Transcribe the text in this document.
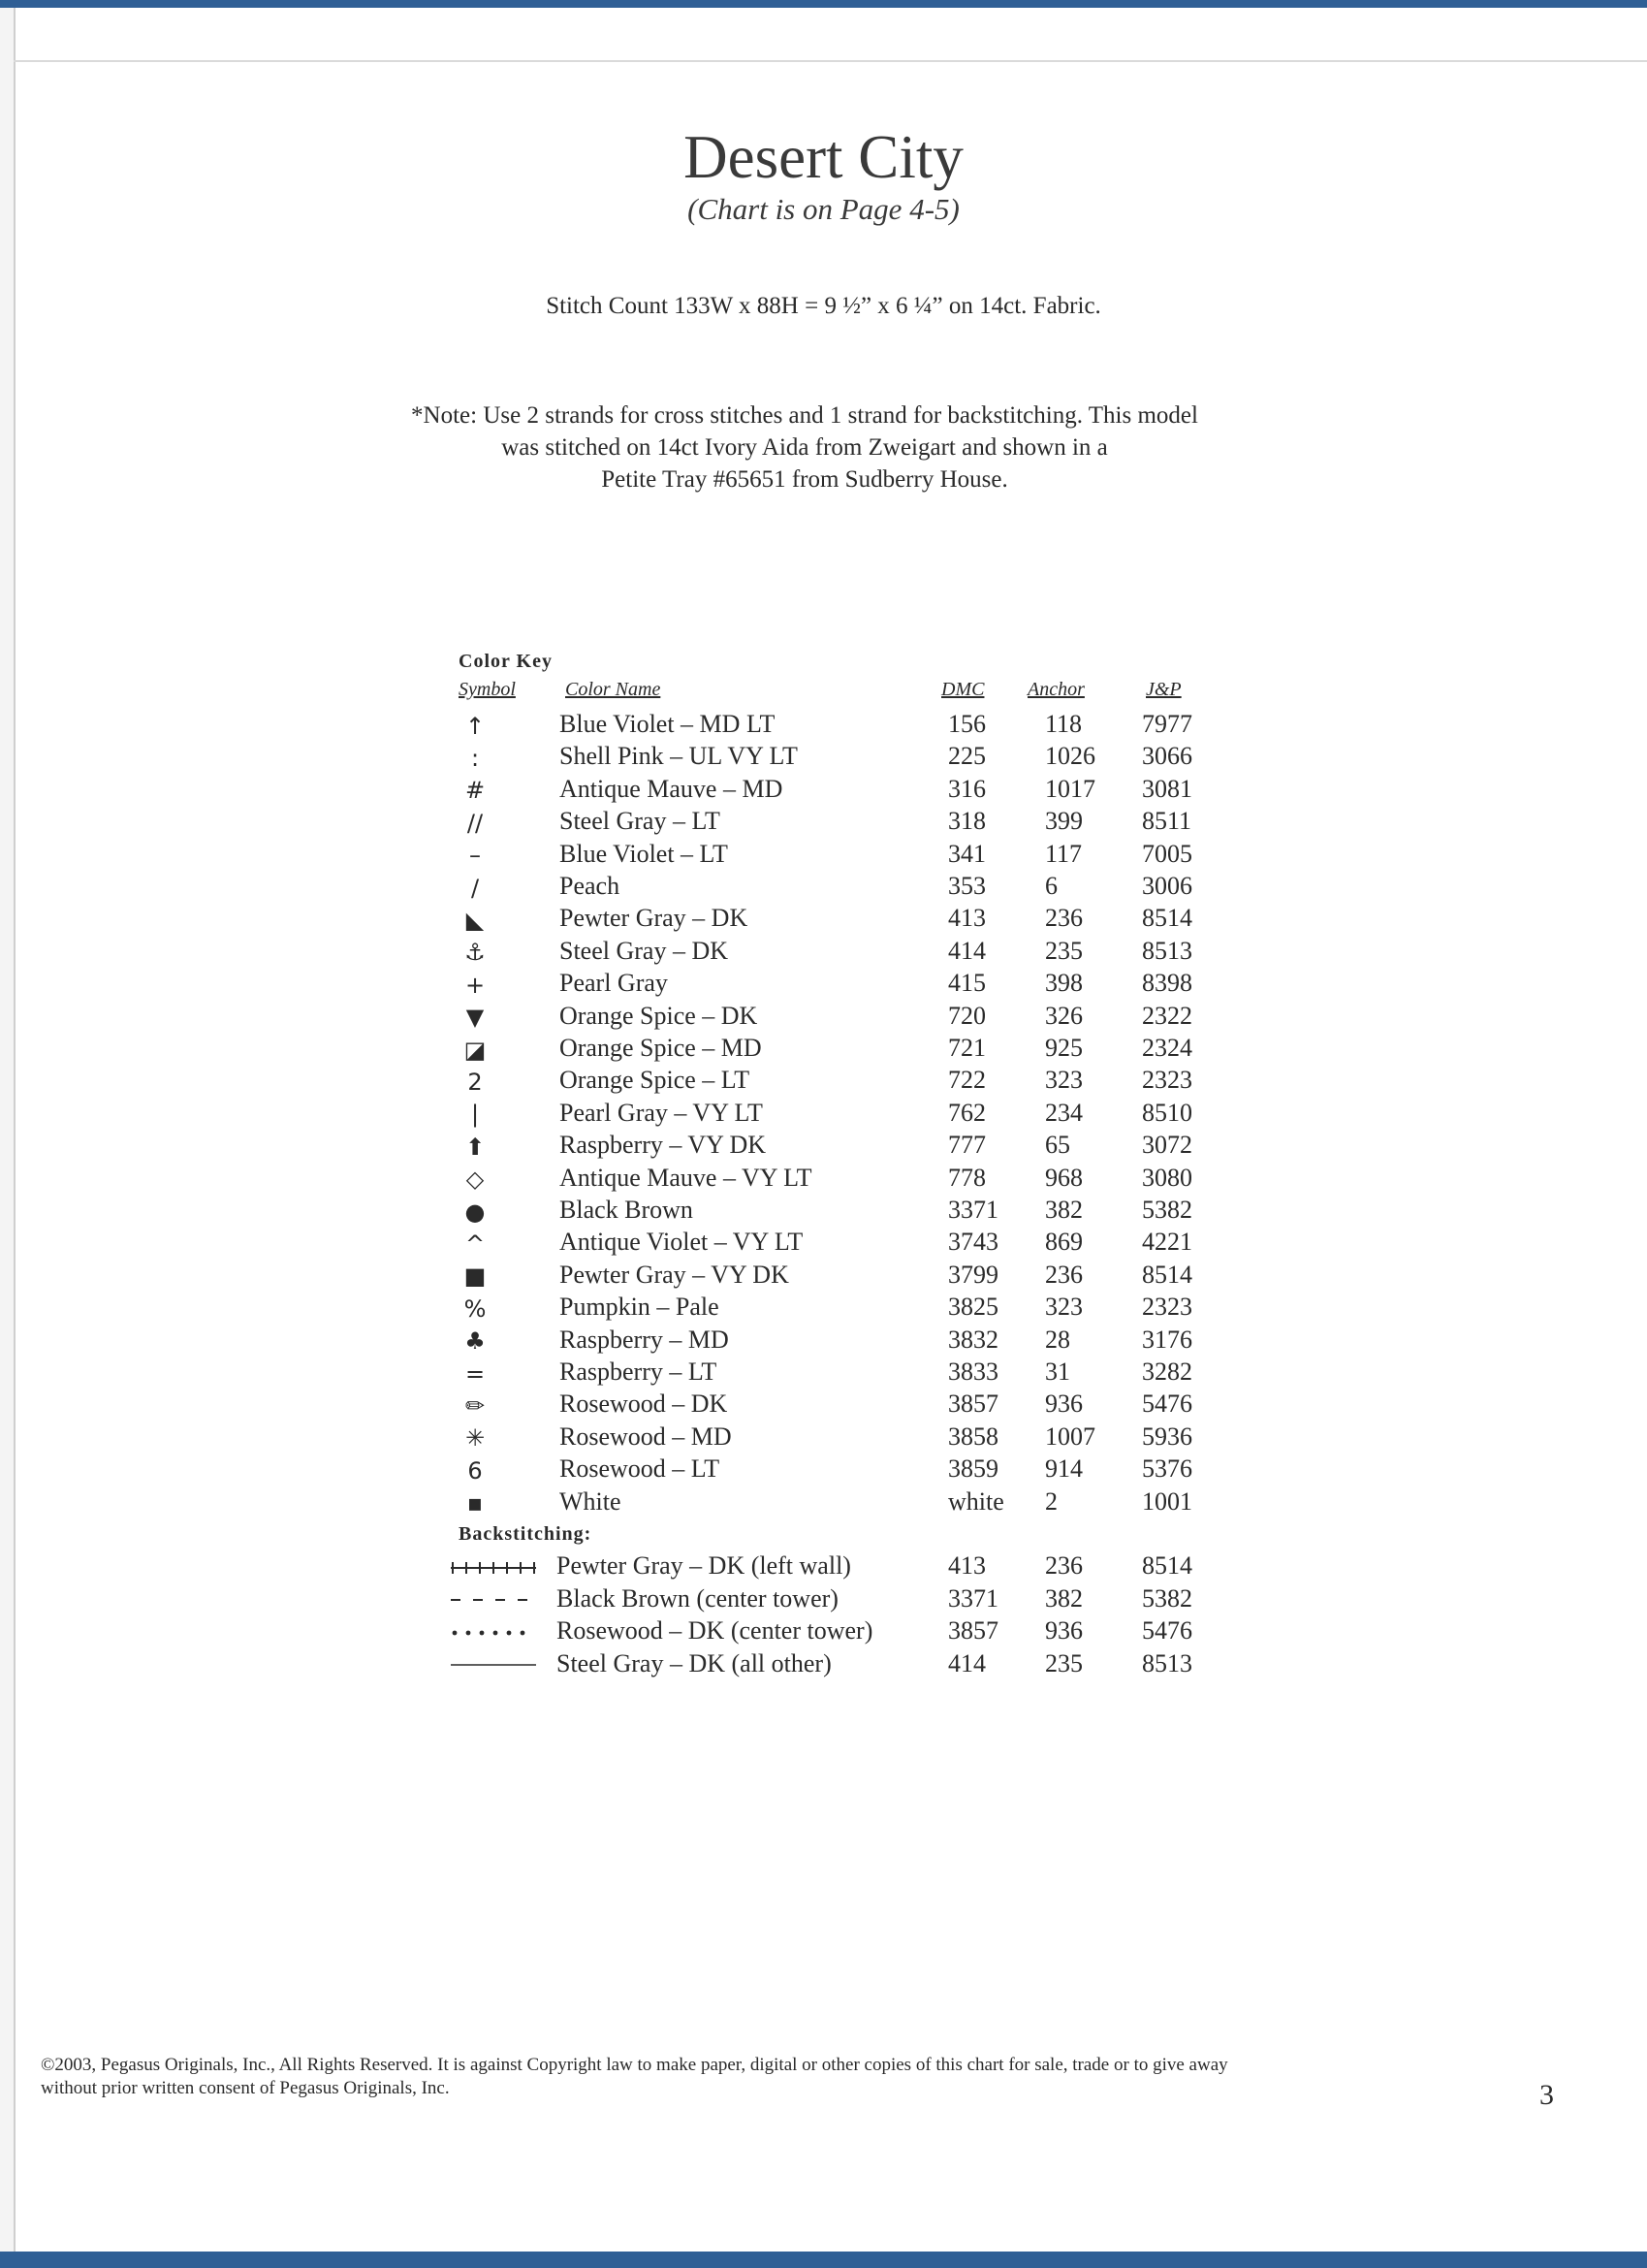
Desert City
(Chart is on Page 4-5)
Stitch Count 133W x 88H = 9 ½” x 6 ¼” on 14ct. Fabric.
*Note: Use 2 strands for cross stitches and 1 strand for backstitching. This model
was stitched on 14ct Ivory Aida from Zweigart and shown in a
Petite Tray #65651 from Sudberry House.
Color Key
Symbol	Color Name	DMC Anchor	J&P
↑	Blue Violet – MD LT	156 118 7977
:	Shell Pink – UL VY LT	225 1026 3066
#	Antique Mauve – MD	316 1017 3081
//	Steel Gray – LT	318 399 8511
–	Blue Violet – LT	341 117 7005
/	Peach	353 6	3006
◣	Pewter Gray – DK	413 236 8514
⚓	Steel Gray – DK	414 235 8513
+	Pearl Gray	415 398 8398
▼	Orange Spice – DK	720 326 2322
◪	Orange Spice – MD	721 925 2324
2	Orange Spice – LT	722 323 2323
|	Pearl Gray – VY LT	762 234 8510
⬆	Raspberry – VY DK	777 65	3072
◇	Antique Mauve – VY LT	778 968 3080
●	Black Brown	3371 382 5382
^	Antique Violet – VY LT	3743 869 4221
■	Pewter Gray – VY DK	3799 236 8514
%	Pumpkin – Pale	3825 323 2323
♣	Raspberry – MD	3832 28	3176
=	Raspberry – LT	3833 31	3282
✏	Rosewood – DK	3857 936 5476
✳	Rosewood – MD	3858 1007 5936
6	Rosewood – LT	3859 914 5376
▪	White	white 2	1001
Backstitching:
Pewter Gray – DK (left wall)	413 236 8514
Black Brown (center tower)	3371 382 5382
Rosewood – DK (center tower)	3857 936 5476
Steel Gray – DK (all other)	414 235 8513
©2003, Pegasus Originals, Inc., All Rights Reserved. It is against Copyright law to make paper, digital or other copies of this chart for sale, trade or to give away
without prior written consent of Pegasus Originals, Inc.	3
